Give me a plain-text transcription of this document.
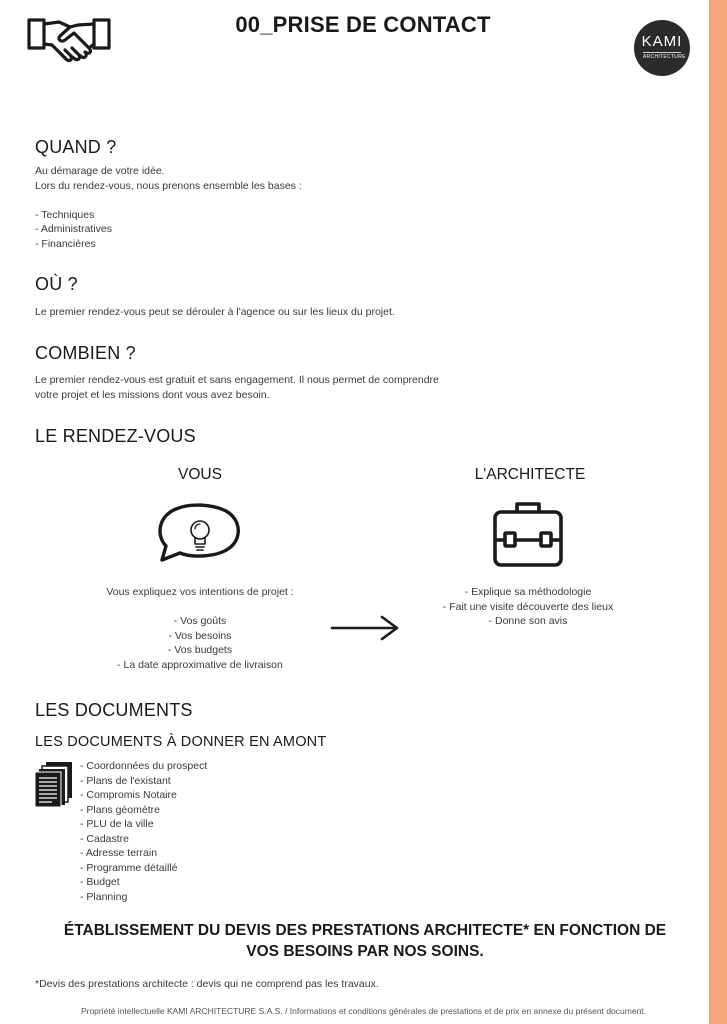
00_PRISE DE CONTACT
KAMI
ARCHITECTURE
QUAND ?

Au démarage de votre idée.

Lors du rendez-vous, nous prenons ensemble les bases :

- Techniques

- Administratives

- Financières

OÙ ?
Le premier rendez-vous peut se dérouler à l'agence ou sur les lieux du projet.
COMBIEN ?

Le premier rendez-vous est gratuit et sans engagement. Il nous permet de comprendre

votre projet et les missions dont vous avez besoin.

LE RENDEZ-VOUS
VOUS	L'ARCHITECTE

Vous expliquez vos intentions de projet :

- Vos goûts

- Vos besoins

- Vos budgets

- La date approximative de livraison

- Explique sa méthodologie

- Fait une visite découverte des lieux

- Donne son avis

LES DOCUMENTS
LES DOCUMENTS À DONNER EN AMONT
- Coordonnées du prospect
- Plans de l'existant
- Compromis Notaire
- Plans géomètre
- PLU de la ville
- Cadastre
- Adresse terrain
- Programme détaillé
- Budget
- Planning
ÉTABLISSEMENT DU DEVIS DES PRESTATIONS ARCHITECTE* EN FONCTION DE
VOS BESOINS PAR NOS SOINS.
*Devis des prestations architecte : devis qui ne comprend pas les travaux.
Propriété intellectuelle KAMI ARCHITECTURE S.A.S. / Informations et conditions générales de prestations et de prix en annexe du présent document.
